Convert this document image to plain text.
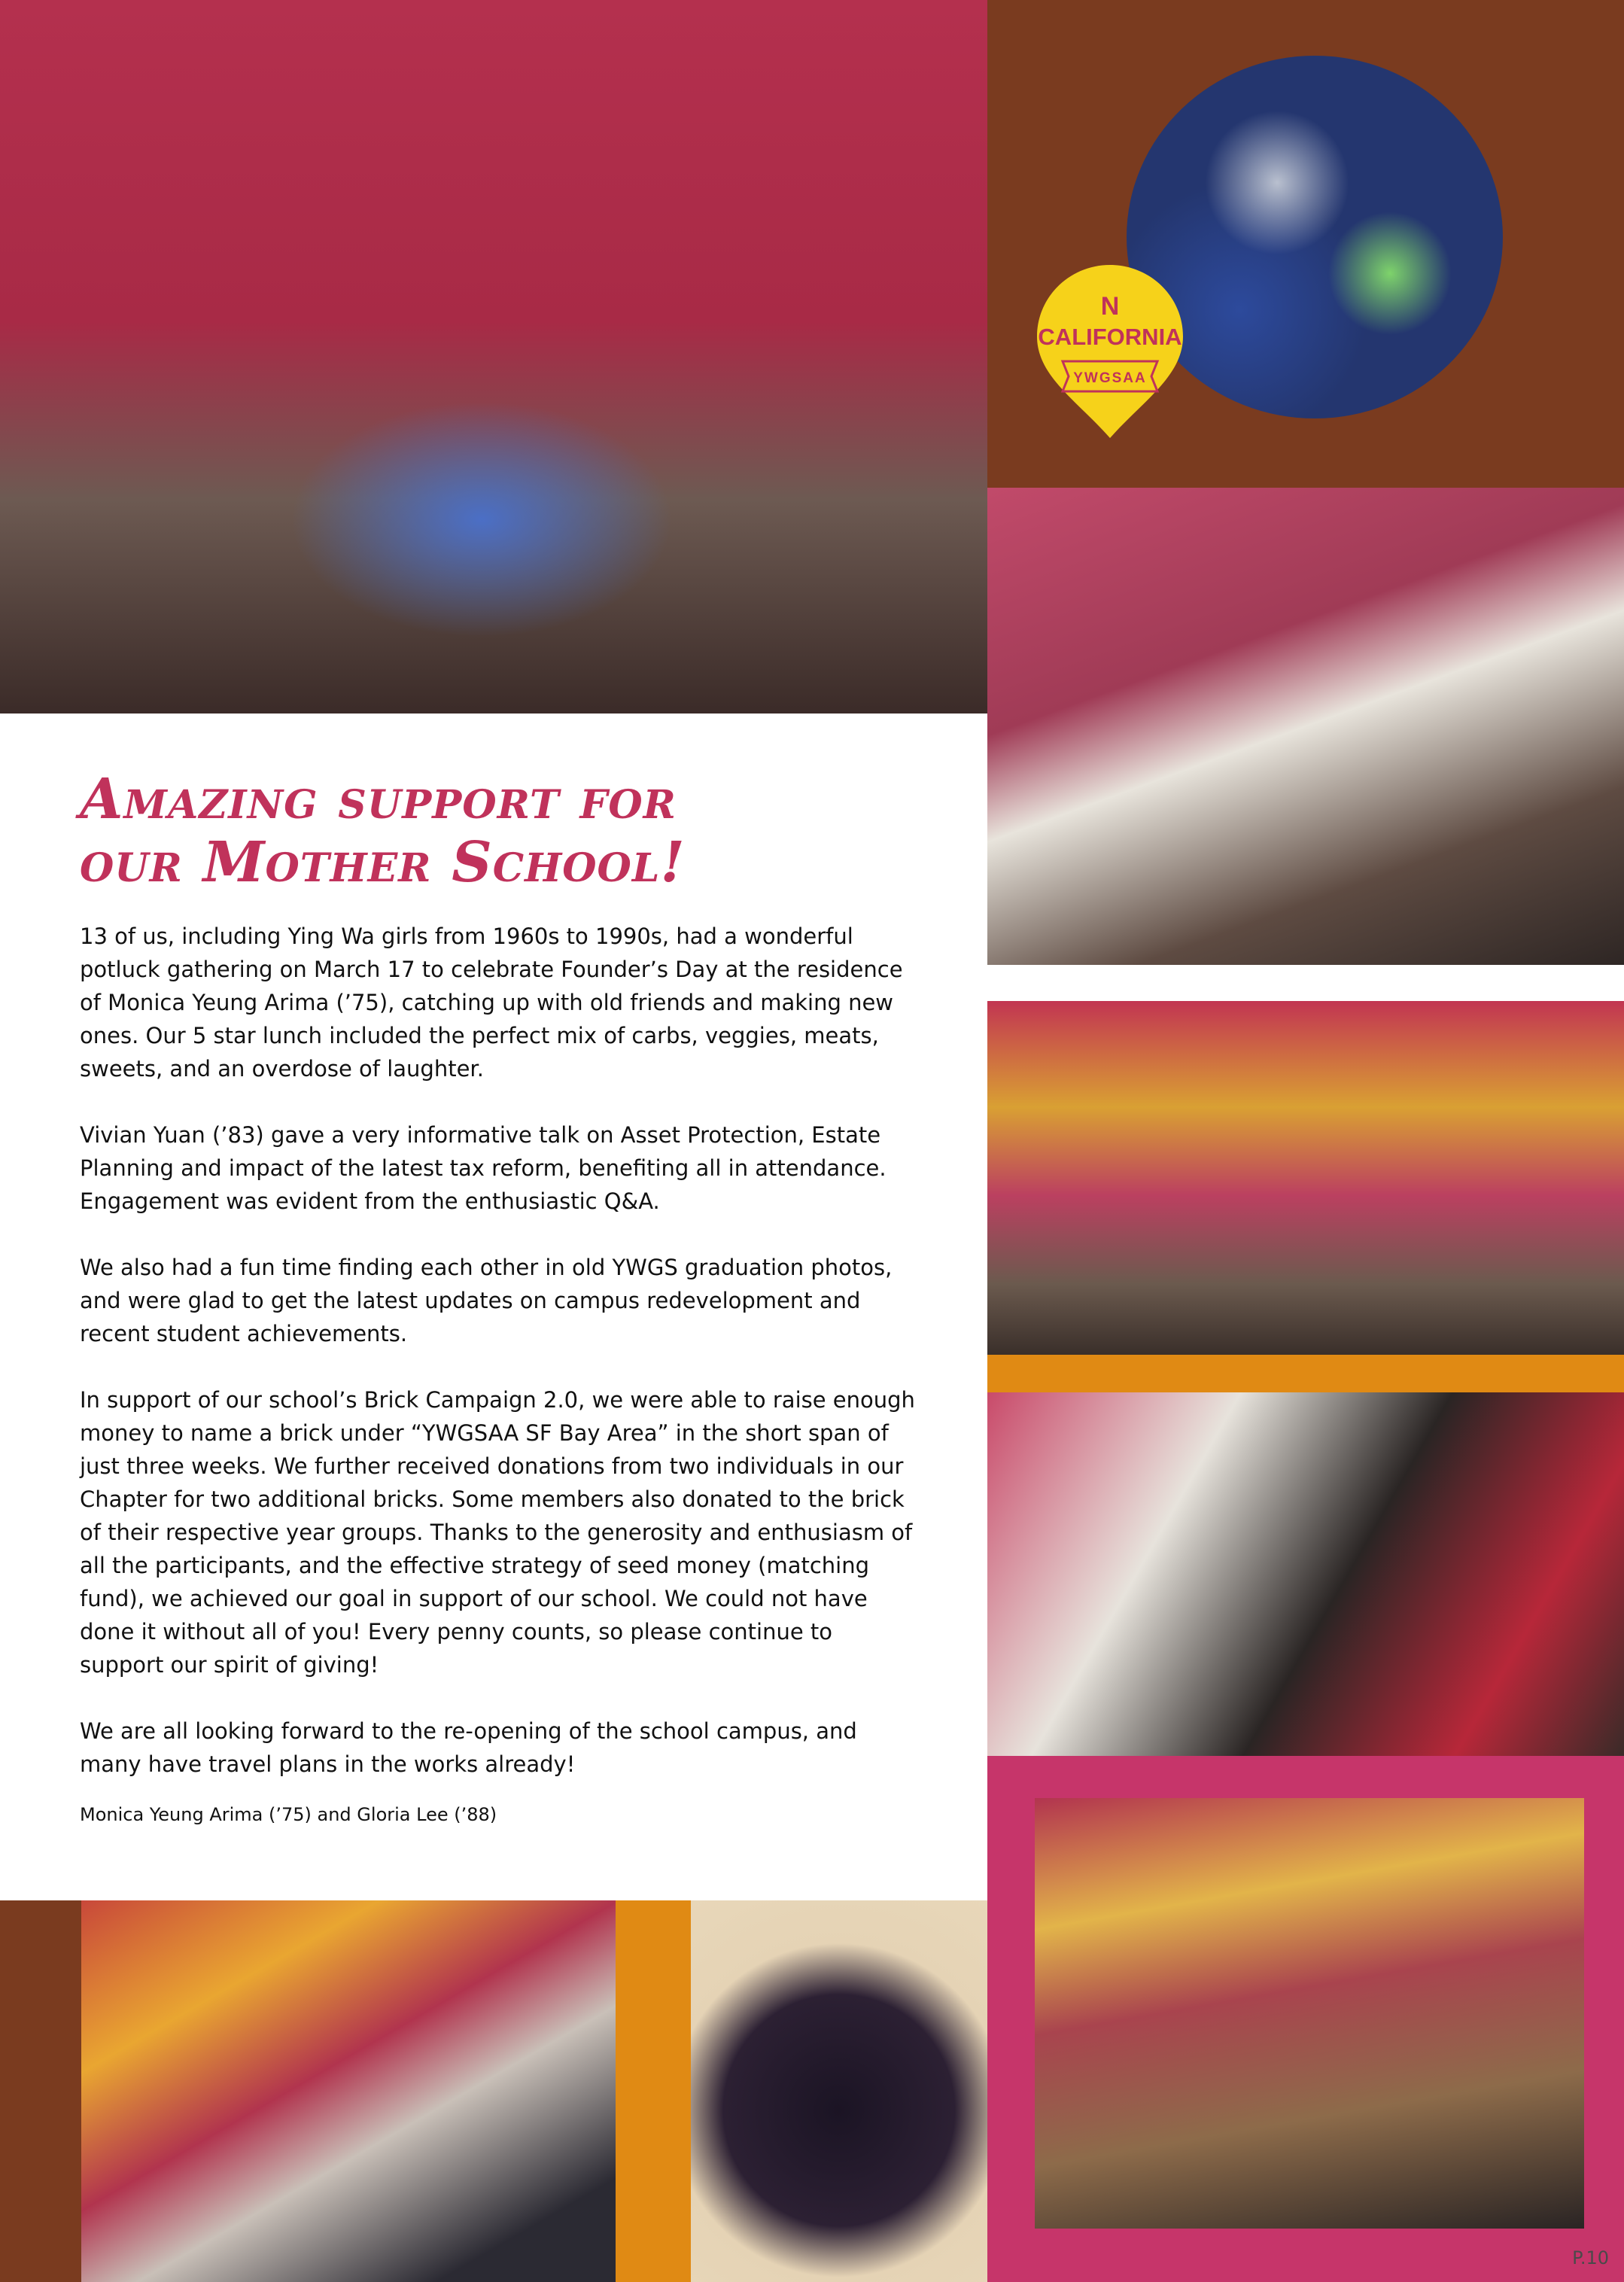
N
CALIFORNIA
YWGSAA
Amazing support for
our Mother School!

13 of us, including Ying Wa girls from 1960s to 1990s, had a wonderful potluck gathering on March 17 to celebrate Founder’s Day at the residence of Monica Yeung Arima (’75), catching up with old friends and making new ones. Our 5 star lunch included the perfect mix of carbs, veggies, meats, sweets, and an overdose of laughter.

Vivian Yuan (’83) gave a very informative talk on Asset Protection, Estate Planning and impact of the latest tax reform, benefiting all in attendance. Engagement was evident from the enthusiastic Q&A.

We also had a fun time finding each other in old YWGS graduation photos, and were glad to get the latest updates on campus redevelopment and recent student achievements.

In support of our school’s Brick Campaign 2.0, we were able to raise enough money to name a brick under “YWGSAA SF Bay Area” in the short span of just three weeks. We further received donations from two individuals in our Chapter for two additional bricks. Some members also donated to the brick of their respective year groups. Thanks to the generosity and enthusiasm of all the participants, and the effective strategy of seed money (matching fund), we achieved our goal in support of our school. We could not have done it without all of you! Every penny counts, so please continue to support our spirit of giving!

We are all looking forward to the re-opening of the school campus, and many have travel plans in the works already!

Monica Yeung Arima (’75) and Gloria Lee (’88)
P.10
